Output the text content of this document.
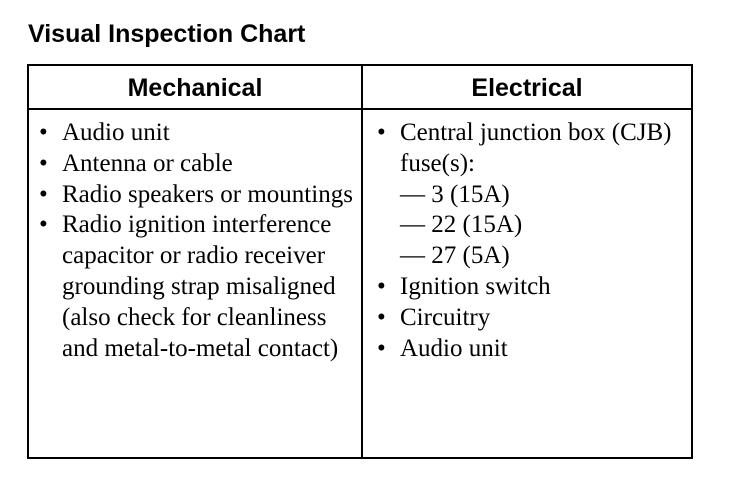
Visual Inspection Chart
Mechanical	Electrical
• Audio unit
• Antenna or cable
• Radio speakers or mountings
• Radio ignition interference capacitor or radio receiver grounding strap misaligned (also check for cleanliness and metal-to-metal contact)
• Central junction box (CJB) fuse(s):
— 3 (15A)
— 22 (15A)
— 27 (5A)
• Ignition switch
• Circuitry
• Audio unit
